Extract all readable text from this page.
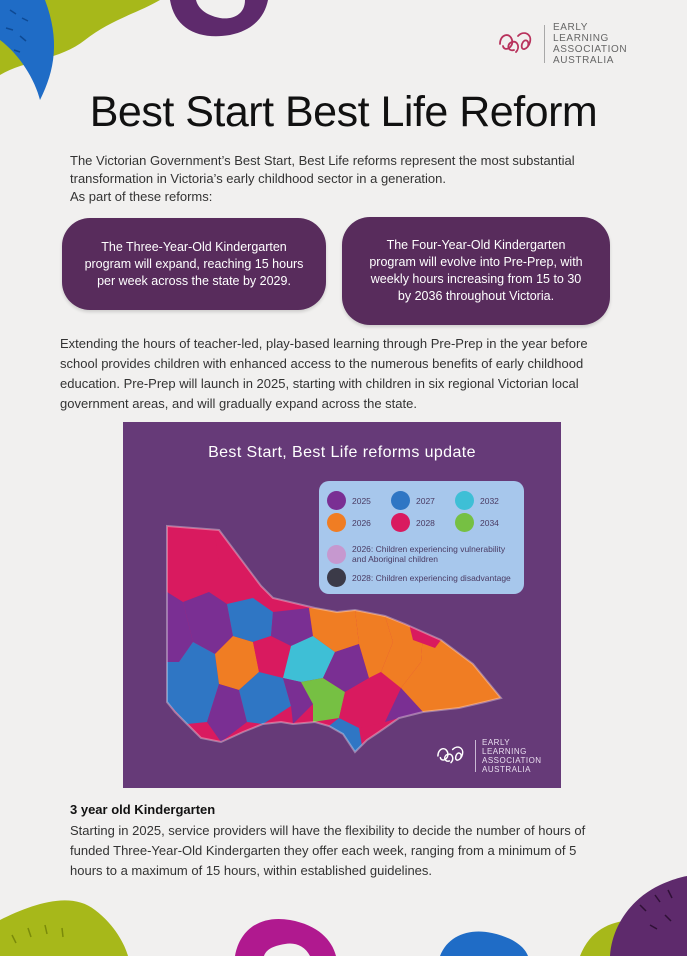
EARLY
LEARNING
ASSOCIATION
AUSTRALIA
Best Start Best Life Reform

The Victorian Government’s Best Start, Best Life reforms represent the most substantial transformation in Victoria’s early childhood sector in a generation.

As part of these reforms:

The Three-Year-Old Kindergarten program will expand, reaching 15 hours per week across the state by 2029.
The Four-Year-Old Kindergarten program will evolve into Pre-Prep, with weekly hours increasing from 15 to 30 by 2036 throughout Victoria.

Extending the hours of teacher-led, play-based learning through Pre-Prep in the year before school provides children with enhanced access to the numerous benefits of early childhood education. Pre-Prep will launch in 2025, starting with children in six regional Victorian local government areas, and will gradually expand across the state.

Best Start, Best Life reforms update
2025	2027	2032
2026	2028	2034
2026: Children experiencing vulnerability and Aboriginal children
2028: Children experiencing disadvantage
EARLY
LEARNING
ASSOCIATION
AUSTRALIA

3 year old Kindergarten

Starting in 2025, service providers will have the flexibility to decide the number of hours of funded Three-Year-Old Kindergarten they offer each week, ranging from a minimum of 5 hours to a maximum of 15 hours, within established guidelines.
